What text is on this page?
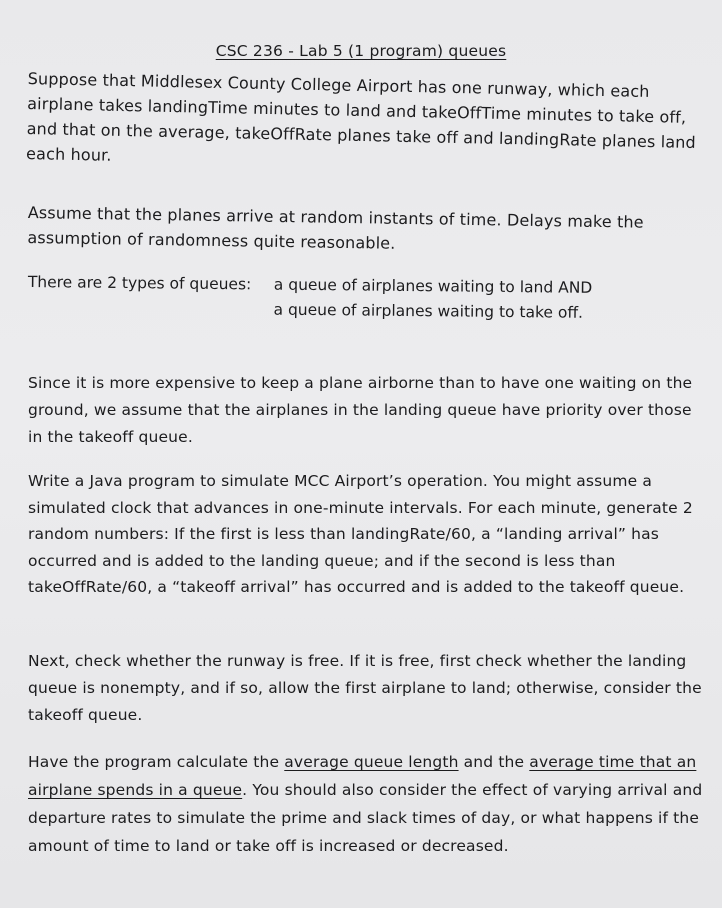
CSC 236 - Lab 5 (1 program) queues

Suppose that Middlesex County College Airport has one runway, which each airplane takes landingTime minutes to land and takeOffTime minutes to take off, and that on the average, takeOffRate planes take off and landingRate planes land each hour.

Assume that the planes arrive at random instants of time. Delays make the assumption of randomness quite reasonable.

There are 2 types of queues: a queue of airplanes waiting to land AND
a queue of airplanes waiting to take off.

Since it is more expensive to keep a plane airborne than to have one waiting on the ground, we assume that the airplanes in the landing queue have priority over those in the takeoff queue.

Write a Java program to simulate MCC Airport’s operation. You might assume a simulated clock that advances in one-minute intervals. For each minute, generate 2 random numbers: If the first is less than landingRate/60, a “landing arrival” has occurred and is added to the landing queue; and if the second is less than takeOffRate/60, a “takeoff arrival” has occurred and is added to the takeoff queue.

Next, check whether the runway is free. If it is free, first check whether the landing queue is nonempty, and if so, allow the first airplane to land; otherwise, consider the takeoff queue.

Have the program calculate the average queue length and the average time that an airplane spends in a queue. You should also consider the effect of varying arrival and departure rates to simulate the prime and slack times of day, or what happens if the amount of time to land or take off is increased or decreased.
